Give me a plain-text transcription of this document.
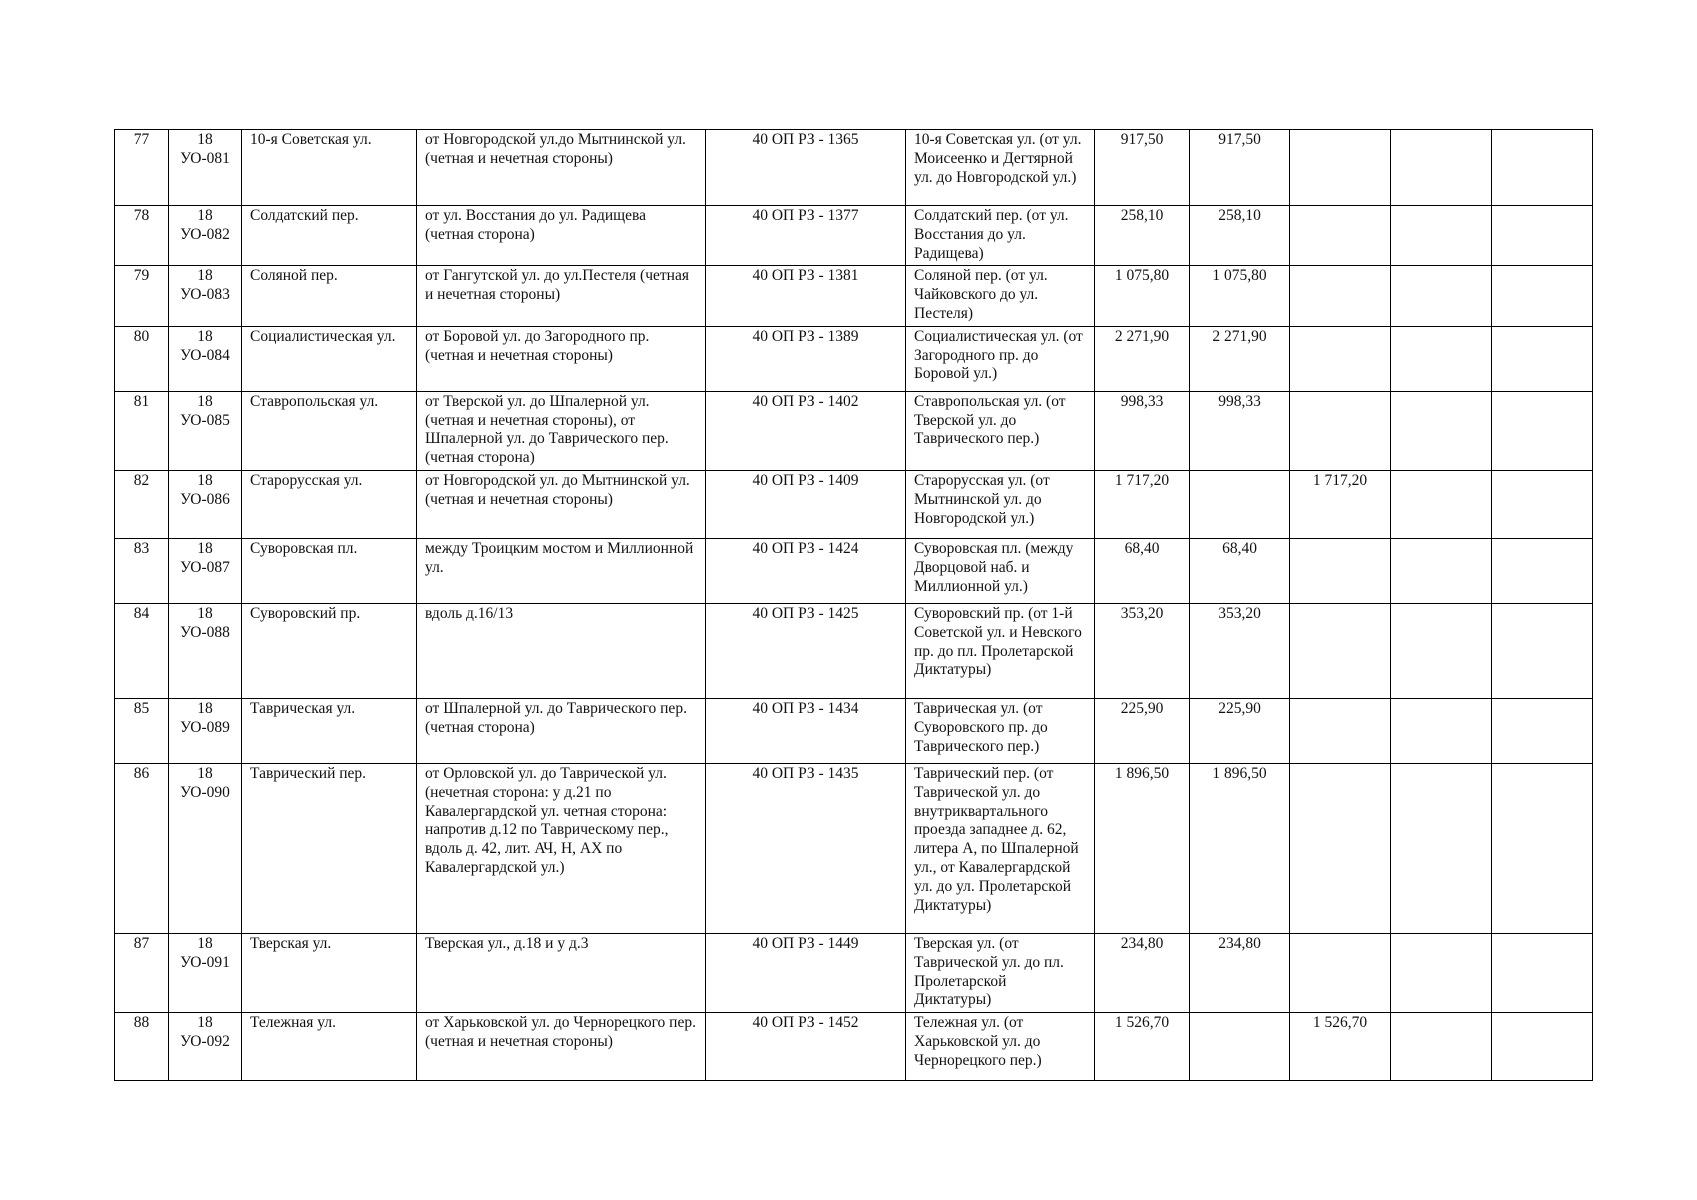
77	18 УО-081	10-я Советская ул.	от Новгородской ул.до Мытнинской ул. (четная и нечетная стороны)	40 ОП РЗ - 1365	10-я Советская ул. (от ул. Моисеенко и Дегтярной ул. до Новгородской ул.)	917,50	917,50			
78	18 УО-082	Солдатский пер.	от ул. Восстания до ул. Радищева (четная сторона)	40 ОП РЗ - 1377	Солдатский пер. (от ул. Восстания до ул. Радищева)	258,10	258,10			
79	18 УО-083	Соляной пер.	от Гангутской ул. до ул.Пестеля (четная и нечетная стороны)	40 ОП РЗ - 1381	Соляной пер. (от ул. Чайковского до ул. Пестеля)	1 075,80	1 075,80			
80	18 УО-084	Социалистическая ул.	от Боровой ул. до Загородного пр. (четная и нечетная стороны)	40 ОП РЗ - 1389	Социалистическая ул. (от Загородного пр. до Боровой ул.)	2 271,90	2 271,90			
81	18 УО-085	Ставропольская ул.	от Тверской ул. до Шпалерной ул. (четная и нечетная стороны), от Шпалерной ул. до Таврического пер. (четная сторона)	40 ОП РЗ - 1402	Ставропольская ул. (от Тверской ул. до Таврического пер.)	998,33	998,33			
82	18 УО-086	Старорусская ул.	от Новгородской ул. до Мытнинской ул. (четная и нечетная стороны)	40 ОП РЗ - 1409	Старорусская ул. (от Мытнинской ул. до Новгородской ул.)	1 717,20		1 717,20		
83	18 УО-087	Суворовская пл.	между Троицким мостом и Миллионной ул.	40 ОП РЗ - 1424	Суворовская пл. (между Дворцовой наб. и Миллионной ул.)	68,40	68,40			
84	18 УО-088	Суворовский пр.	вдоль д.16/13	40 ОП РЗ - 1425	Суворовский пр. (от 1-й Советской ул. и Невского пр. до пл. Пролетарской Диктатуры)	353,20	353,20			
85	18 УО-089	Таврическая ул.	от Шпалерной ул. до Таврического пер. (четная сторона)	40 ОП РЗ - 1434	Таврическая ул. (от Суворовского пр. до Таврического пер.)	225,90	225,90			
86	18 УО-090	Таврический пер.	от Орловской ул. до Таврической ул. (нечетная сторона: у д.21 по Кавалергардской ул. четная сторона: напротив д.12 по Таврическому пер., вдоль д. 42, лит. АЧ, Н, АХ по Кавалергардской ул.)	40 ОП РЗ - 1435	Таврический пер. (от Таврической ул. до внутриквартального проезда западнее д. 62, литера А, по Шпалерной ул., от Кавалергардской ул. до ул. Пролетарской Диктатуры)	1 896,50	1 896,50			
87	18 УО-091	Тверская ул.	Тверская ул., д.18 и у д.3	40 ОП РЗ - 1449	Тверская ул. (от Таврической ул. до пл. Пролетарской Диктатуры)	234,80	234,80			
88	18 УО-092	Тележная ул.	от Харьковской ул. до Чернорецкого пер. (четная и нечетная стороны)	40 ОП РЗ - 1452	Тележная ул. (от Харьковской ул. до Чернорецкого пер.)	1 526,70		1 526,70		
